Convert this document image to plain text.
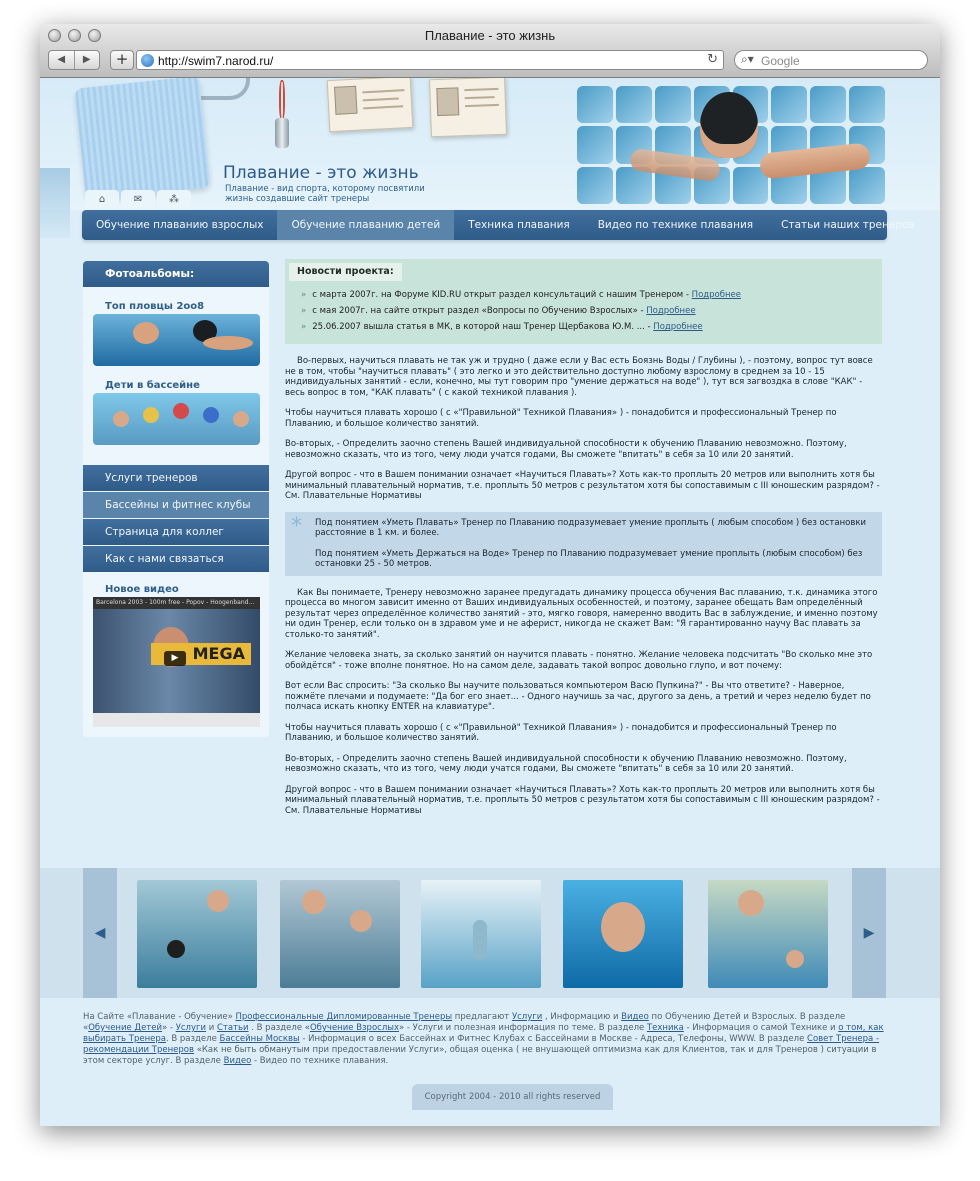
Плавание - это жизнь
◀	▶	+	http://swim7.narod.ru/	↻ ⌕▾ Google
Плавание - это жизнь
Плавание - вид спорта, которому посвятили жизнь создавшие сайт тренеры
⌂	✉	⁂
Обучение плаванию взрослых	Обучение плаванию детей	Техника плавания	Видео по технике плавания	Статьи наших тренеров
Фотоальбомы:
Топ пловцы 2oo8
Дети в бассейне
Услуги тренеров
Бассейны и фитнес клубы
Страница для коллег
Как с нами связаться
Новое видео
Barcelona 2003 - 100m free - Popov - Hoogenband...
MEGA
▶
Новости проекта:
» с марта 2007г. на Форуме KID.RU открыт раздел консультаций с нашим Тренером - Подробнее
» с мая 2007г. на сайте открыт раздел «Вопросы по Обучению Взрослых» - Подробнее
» 25.06.2007 вышла статья в МК, в которой наш Тренер Щербакова Ю.М. ... - Подробнее
Во-первых, научиться плавать не так уж и трудно ( даже если у Вас есть Боязнь Воды / Глубины ), - поэтому, вопрос тут вовсе не в том, чтобы "научиться плавать" ( это легко и это действительно доступно любому взрослому в среднем за 10 - 15 индивидуальных занятий - если, конечно, мы тут говорим про "умение держаться на воде" ), тут вся загвоздка в слове "КАК" - весь вопрос в том, "КАК плавать" ( с какой техникой плавания ).
Чтобы научиться плавать хорошо ( с «"Правильной" Техникой Плавания» ) - понадобится и профессиональный Тренер по Плаванию, и большое количество занятий.
Во-вторых, - Определить заочно степень Вашей индивидуальной способности к обучению Плаванию невозможно. Поэтому, невозможно сказать, что из того, чему люди учатся годами, Вы сможете "впитать" в себя за 10 или 20 занятий.
Другой вопрос - что в Вашем понимании означает «Научиться Плавать»? Хоть как-то проплыть 20 метров или выполнить хотя бы минимальный плавательный норматив, т.е. проплыть 50 метров с результатом хотя бы сопоставимым с III юношеским разрядом? - См. Плавательные Нормативы
* Под понятием «Уметь Плавать» Тренер по Плаванию подразумевает умение проплыть ( любым способом ) без остановки расстояние в 1 км. и более.
Под понятием «Уметь Держаться на Воде» Тренер по Плаванию подразумевает умение проплыть (любым способом) без остановки 25 - 50 метров.
Как Вы понимаете, Тренеру невозможно заранее предугадать динамику процесса обучения Вас плаванию, т.к. динамика этого процесса во многом зависит именно от Ваших индивидуальных особенностей, и поэтому, заранее обещать Вам определённый результат через определённое количество занятий - это, мягко говоря, намеренно вводить Вас в заблуждение, и именно поэтому ни один Тренер, если только он в здравом уме и не аферист, никогда не скажет Вам: "Я гарантированно научу Вас плавать за столько-то занятий".
Желание человека знать, за сколько занятий он научится плавать - понятно. Желание человека подсчитать "Во сколько мне это обойдётся" - тоже вполне понятное. Но на самом деле, задавать такой вопрос довольно глупо, и вот почему:
Вот если Вас спросить: "За сколько Вы научите пользоваться компьютером Васю Пупкина?" - Вы что ответите? - Наверное, пожмёте плечами и подумаете: "Да бог его знает... - Одного научишь за час, другого за день, а третий и через неделю будет по полчаса искать кнопку ENTER на клавиатуре".
Чтобы научиться плавать хорошо ( с «"Правильной" Техникой Плавания» ) - понадобится и профессиональный Тренер по Плаванию, и большое количество занятий.
Во-вторых, - Определить заочно степень Вашей индивидуальной способности к обучению Плаванию невозможно. Поэтому, невозможно сказать, что из того, чему люди учатся годами, Вы сможете "впитать" в себя за 10 или 20 занятий.
Другой вопрос - что в Вашем понимании означает «Научиться Плавать»? Хоть как-то проплыть 20 метров или выполнить хотя бы минимальный плавательный норматив, т.е. проплыть 50 метров с результатом хотя бы сопоставимым с III юношеским разрядом? - См. Плавательные Нормативы
◀	▶
На Сайте «Плавание - Обучение» Профессиональные Дипломированные Тренеры предлагают Услуги , Информацию и Видео по Обучению Детей и Взрослых. В разделе «Обучение Детей» - Услуги и Статьи . В разделе «Обучение Взрослых» - Услуги и полезная информация по теме. В разделе Техника - Информация о самой Технике и о том, как выбирать Тренера. В разделе Бассейны Москвы - Информация о всех Бассейнах и Фитнес Клубах с Бассейнами в Москве - Адреса, Телефоны, WWW. В разделе Совет Тренера - рекомендации Тренеров «Как не быть обманутым при предоставлении Услуги», общая оценка ( не внушающей оптимизма как для Клиентов, так и для Тренеров ) ситуации в этом секторе услуг. В разделе Видео - Видео по технике плавания.
Copyright 2004 - 2010 all rights reserved
